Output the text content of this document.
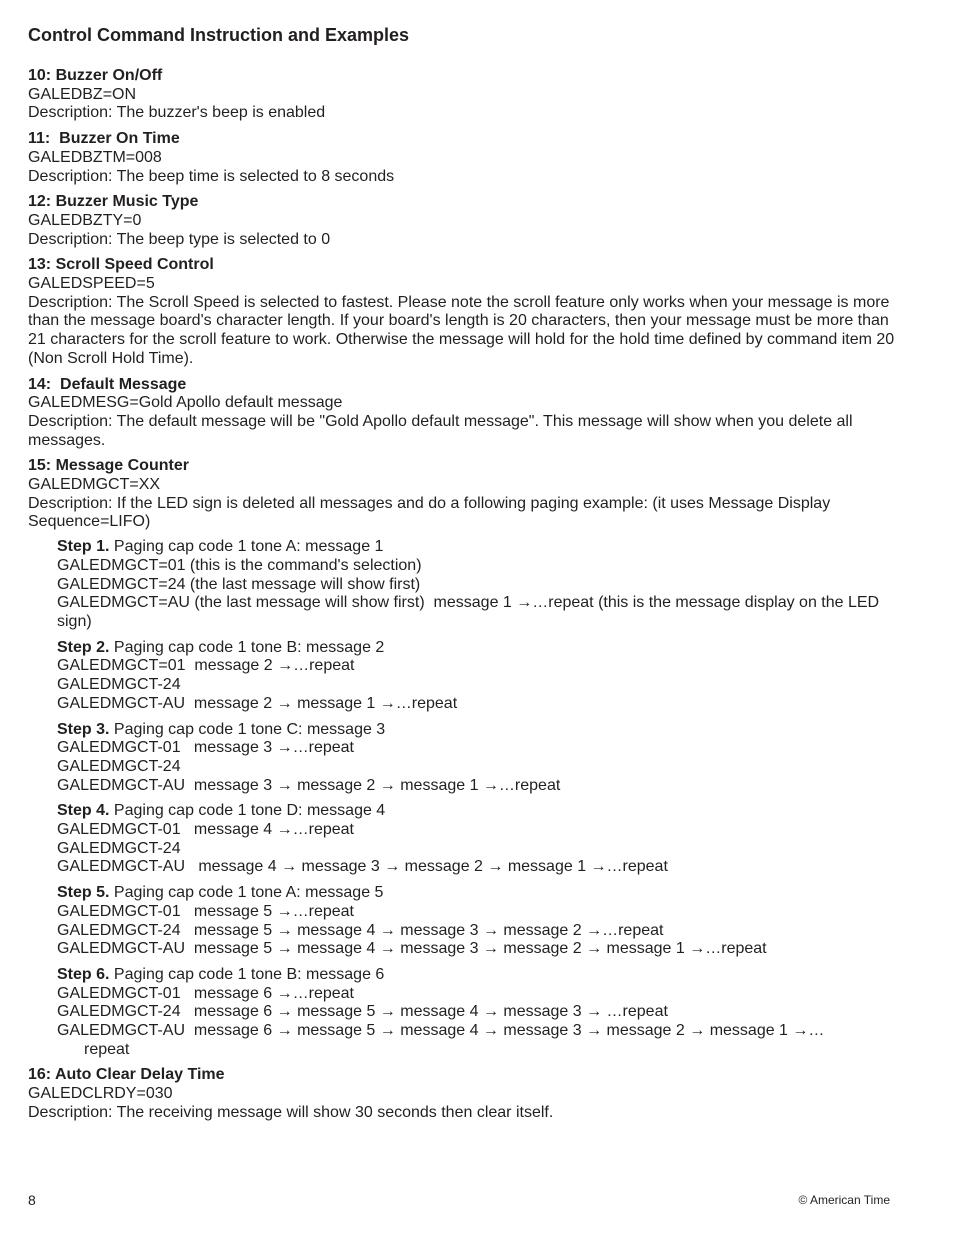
Control Command Instruction and Examples
10: Buzzer On/Off
GALEDBZ=ON
Description: The buzzer's beep is enabled
11:  Buzzer On Time
GALEDBZTM=008
Description: The beep time is selected to 8 seconds
12: Buzzer Music Type
GALEDBZTY=0
Description: The beep type is selected to 0
13: Scroll Speed Control
GALEDSPEED=5
Description: The Scroll Speed is selected to fastest. Please note the scroll feature only works when your message is more than the message board's character length. If your board's length is 20 characters, then your message must be more than 21 characters for the scroll feature to work. Otherwise the message will hold for the hold time defined by command item 20 (Non Scroll Hold Time).
14:  Default Message
GALEDMESG=Gold Apollo default message
Description: The default message will be "Gold Apollo default message". This message will show when you delete all messages.
15: Message Counter
GALEDMGCT=XX
Description: If the LED sign is deleted all messages and do a following paging example: (it uses Message Display Sequence=LIFO)
Step 1. Paging cap code 1 tone A: message 1
GALEDMGCT=01 (this is the command's selection)
GALEDMGCT=24 (the last message will show first)
GALEDMGCT=AU (the last message will show first)  message 1 →…repeat (this is the message display on the LED sign)
Step 2. Paging cap code 1 tone B: message 2
GALEDMGCT=01  message 2 →…repeat
GALEDMGCT-24
GALEDMGCT-AU  message 2 → message 1 →…repeat
Step 3. Paging cap code 1 tone C: message 3
GALEDMGCT-01   message 3 →…repeat
GALEDMGCT-24
GALEDMGCT-AU  message 3 → message 2 → message 1 →…repeat
Step 4. Paging cap code 1 tone D: message 4
GALEDMGCT-01   message 4 →…repeat
GALEDMGCT-24
GALEDMGCT-AU   message 4 → message 3 → message 2 → message 1 →…repeat
Step 5. Paging cap code 1 tone A: message 5
GALEDMGCT-01   message 5 →…repeat
GALEDMGCT-24   message 5 → message 4 → message 3 → message 2 →…repeat
GALEDMGCT-AU  message 5 → message 4 → message 3 → message 2 → message 1 →…repeat
Step 6. Paging cap code 1 tone B: message 6
GALEDMGCT-01   message 6 →…repeat
GALEDMGCT-24   message 6 → message 5 → message 4 → message 3 → …repeat
GALEDMGCT-AU  message 6 → message 5 → message 4 → message 3 → message 2 → message 1 →…
repeat
16: Auto Clear Delay Time
GALEDCLRDY=030
Description: The receiving message will show 30 seconds then clear itself.
8	© American Time
